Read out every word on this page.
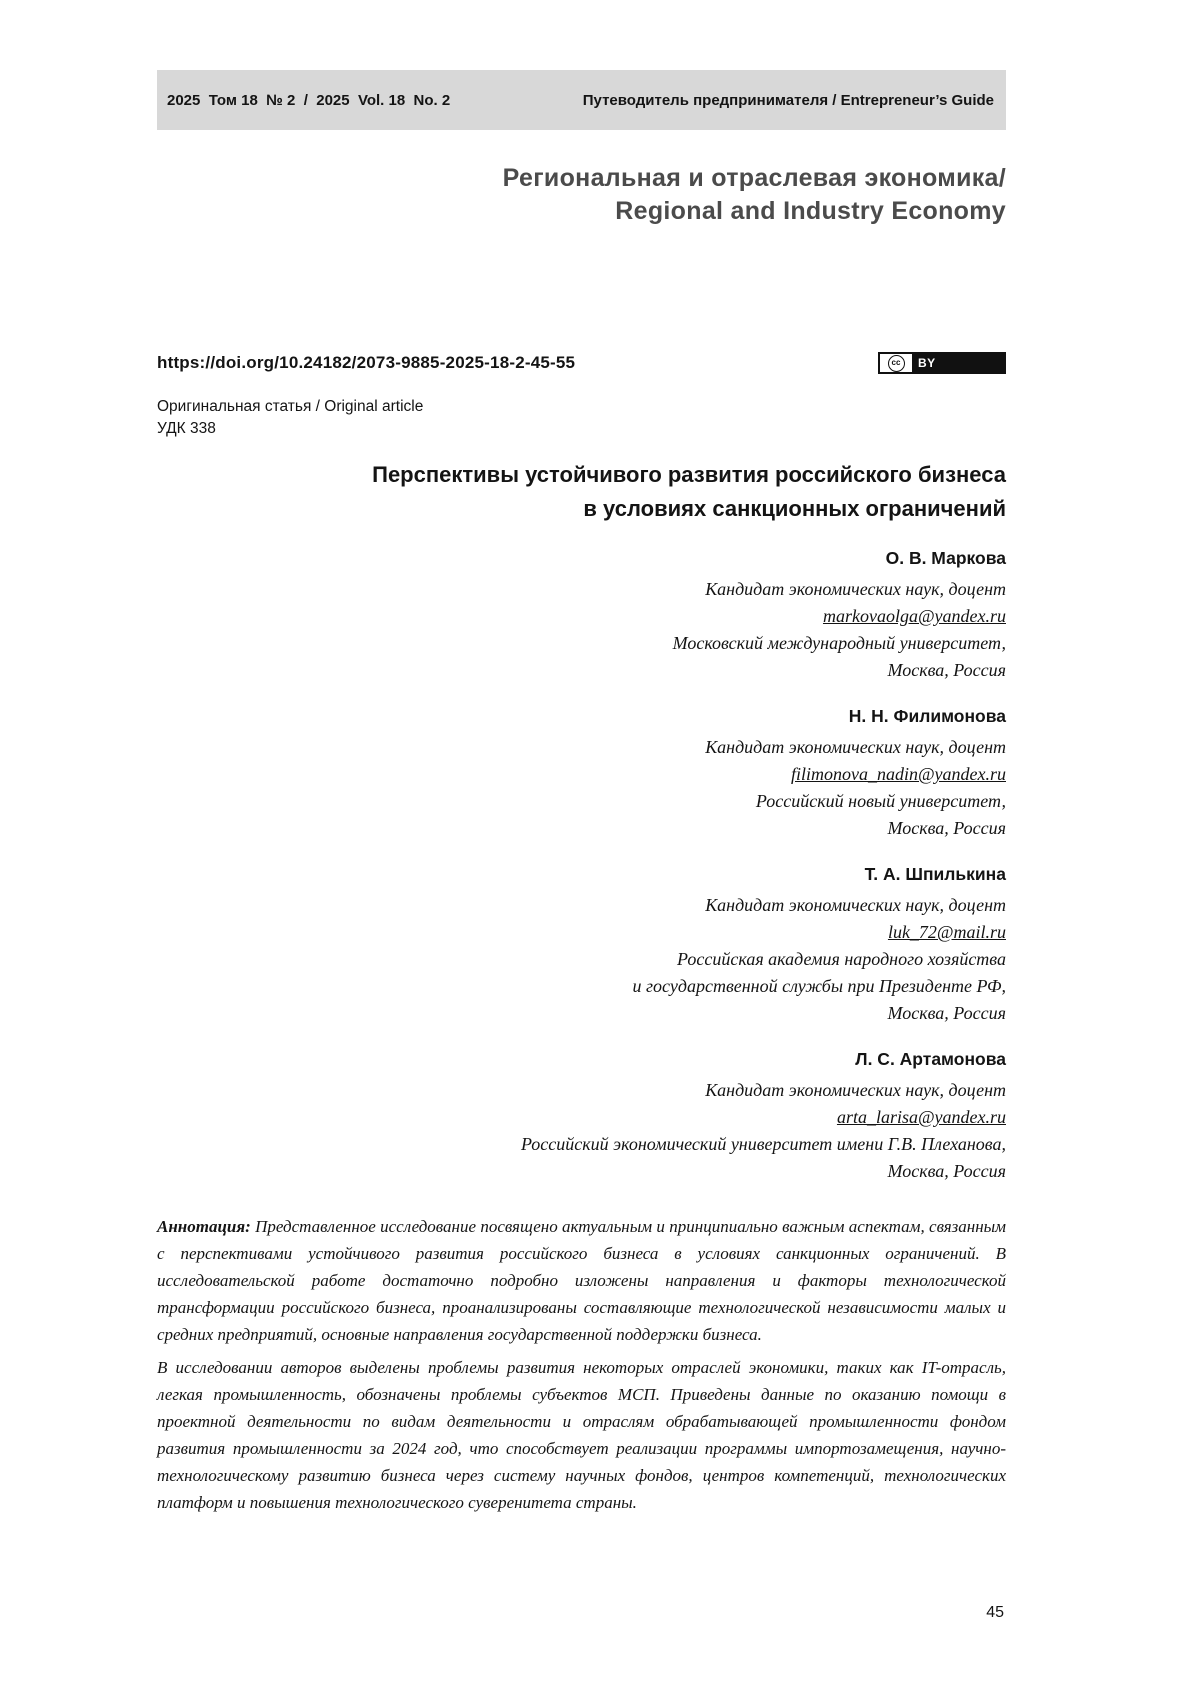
2025  Том 18  № 2  /  2025  Vol. 18  No. 2	Путеводитель предпринимателя / Entrepreneur’s Guide
Региональная и отраслевая экономика/
Regional and Industry Economy
https://doi.org/10.24182/2073-9885-2025-18-2-45-55	cc	BY
Оригинальная статья / Original article
УДК 338
Перспективы устойчивого развития российского бизнеса
в условиях санкционных ограничений
О. В. Маркова
Кандидат экономических наук, доцент
markovaolga@yandex.ru
Московский международный университет,
Москва, Россия
Н. Н. Филимонова
Кандидат экономических наук, доцент
filimonova_nadin@yandex.ru
Российский новый университет,
Москва, Россия
Т. А. Шпилькина
Кандидат экономических наук, доцент
luk_72@mail.ru
Российская академия народного хозяйства
и государственной службы при Президенте РФ,
Москва, Россия
Л. С. Артамонова
Кандидат экономических наук, доцент
arta_larisa@yandex.ru
Российский экономический университет имени Г.В. Плеханова,
Москва, Россия

Аннотация: Представленное исследование посвящено актуальным и принципиально важным аспектам, связанным с перспективами устойчивого развития российского бизнеса в условиях санкционных ограничений. В исследовательской работе достаточно подробно изложены направления и факторы технологической трансформации российского бизнеса, проанализированы составляющие технологической независимости малых и средних предприятий, основные направления государственной поддержки бизнеса.

В исследовании авторов выделены проблемы развития некоторых отраслей экономики, таких как IT-отрасль, легкая промышленность, обозначены проблемы субъектов МСП. Приведены данные по оказанию помощи в проектной деятельности по видам деятельности и отраслям обрабатывающей промышленности фондом развития промышленности за 2024 год, что способствует реализации программы импортозамещения, научно-технологическому развитию бизнеса через систему научных фондов, центров компетенций, технологических платформ и повышения технологического суверенитета страны.

45
